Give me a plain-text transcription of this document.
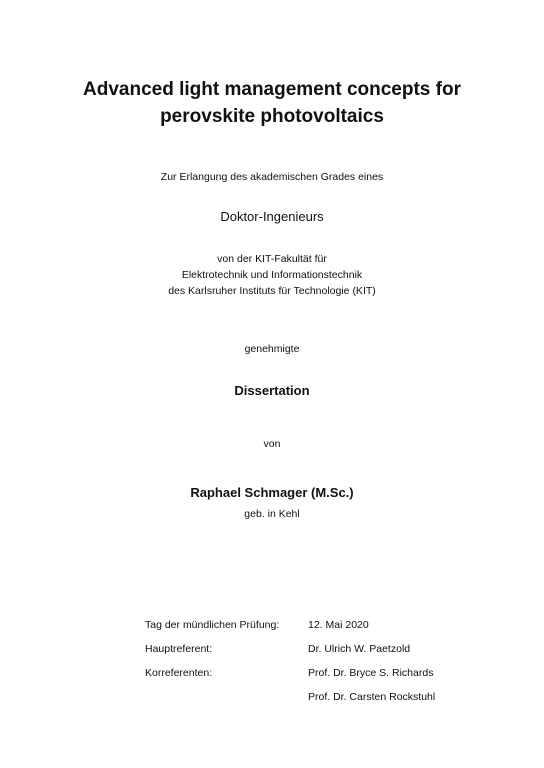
Advanced light management concepts for
perovskite photovoltaics
Zur Erlangung des akademischen Grades eines
Doktor-Ingenieurs
von der KIT-Fakultät für
Elektrotechnik und Informationstechnik
des Karlsruher Instituts für Technologie (KIT)
genehmigte
Dissertation
von
Raphael Schmager (M.Sc.)
geb. in Kehl
Tag der mündlichen Prüfung:	12. Mai 2020
Hauptreferent:	Dr. Ulrich W. Paetzold
Korreferenten:	Prof. Dr. Bryce S. Richards
Prof. Dr. Carsten Rockstuhl
